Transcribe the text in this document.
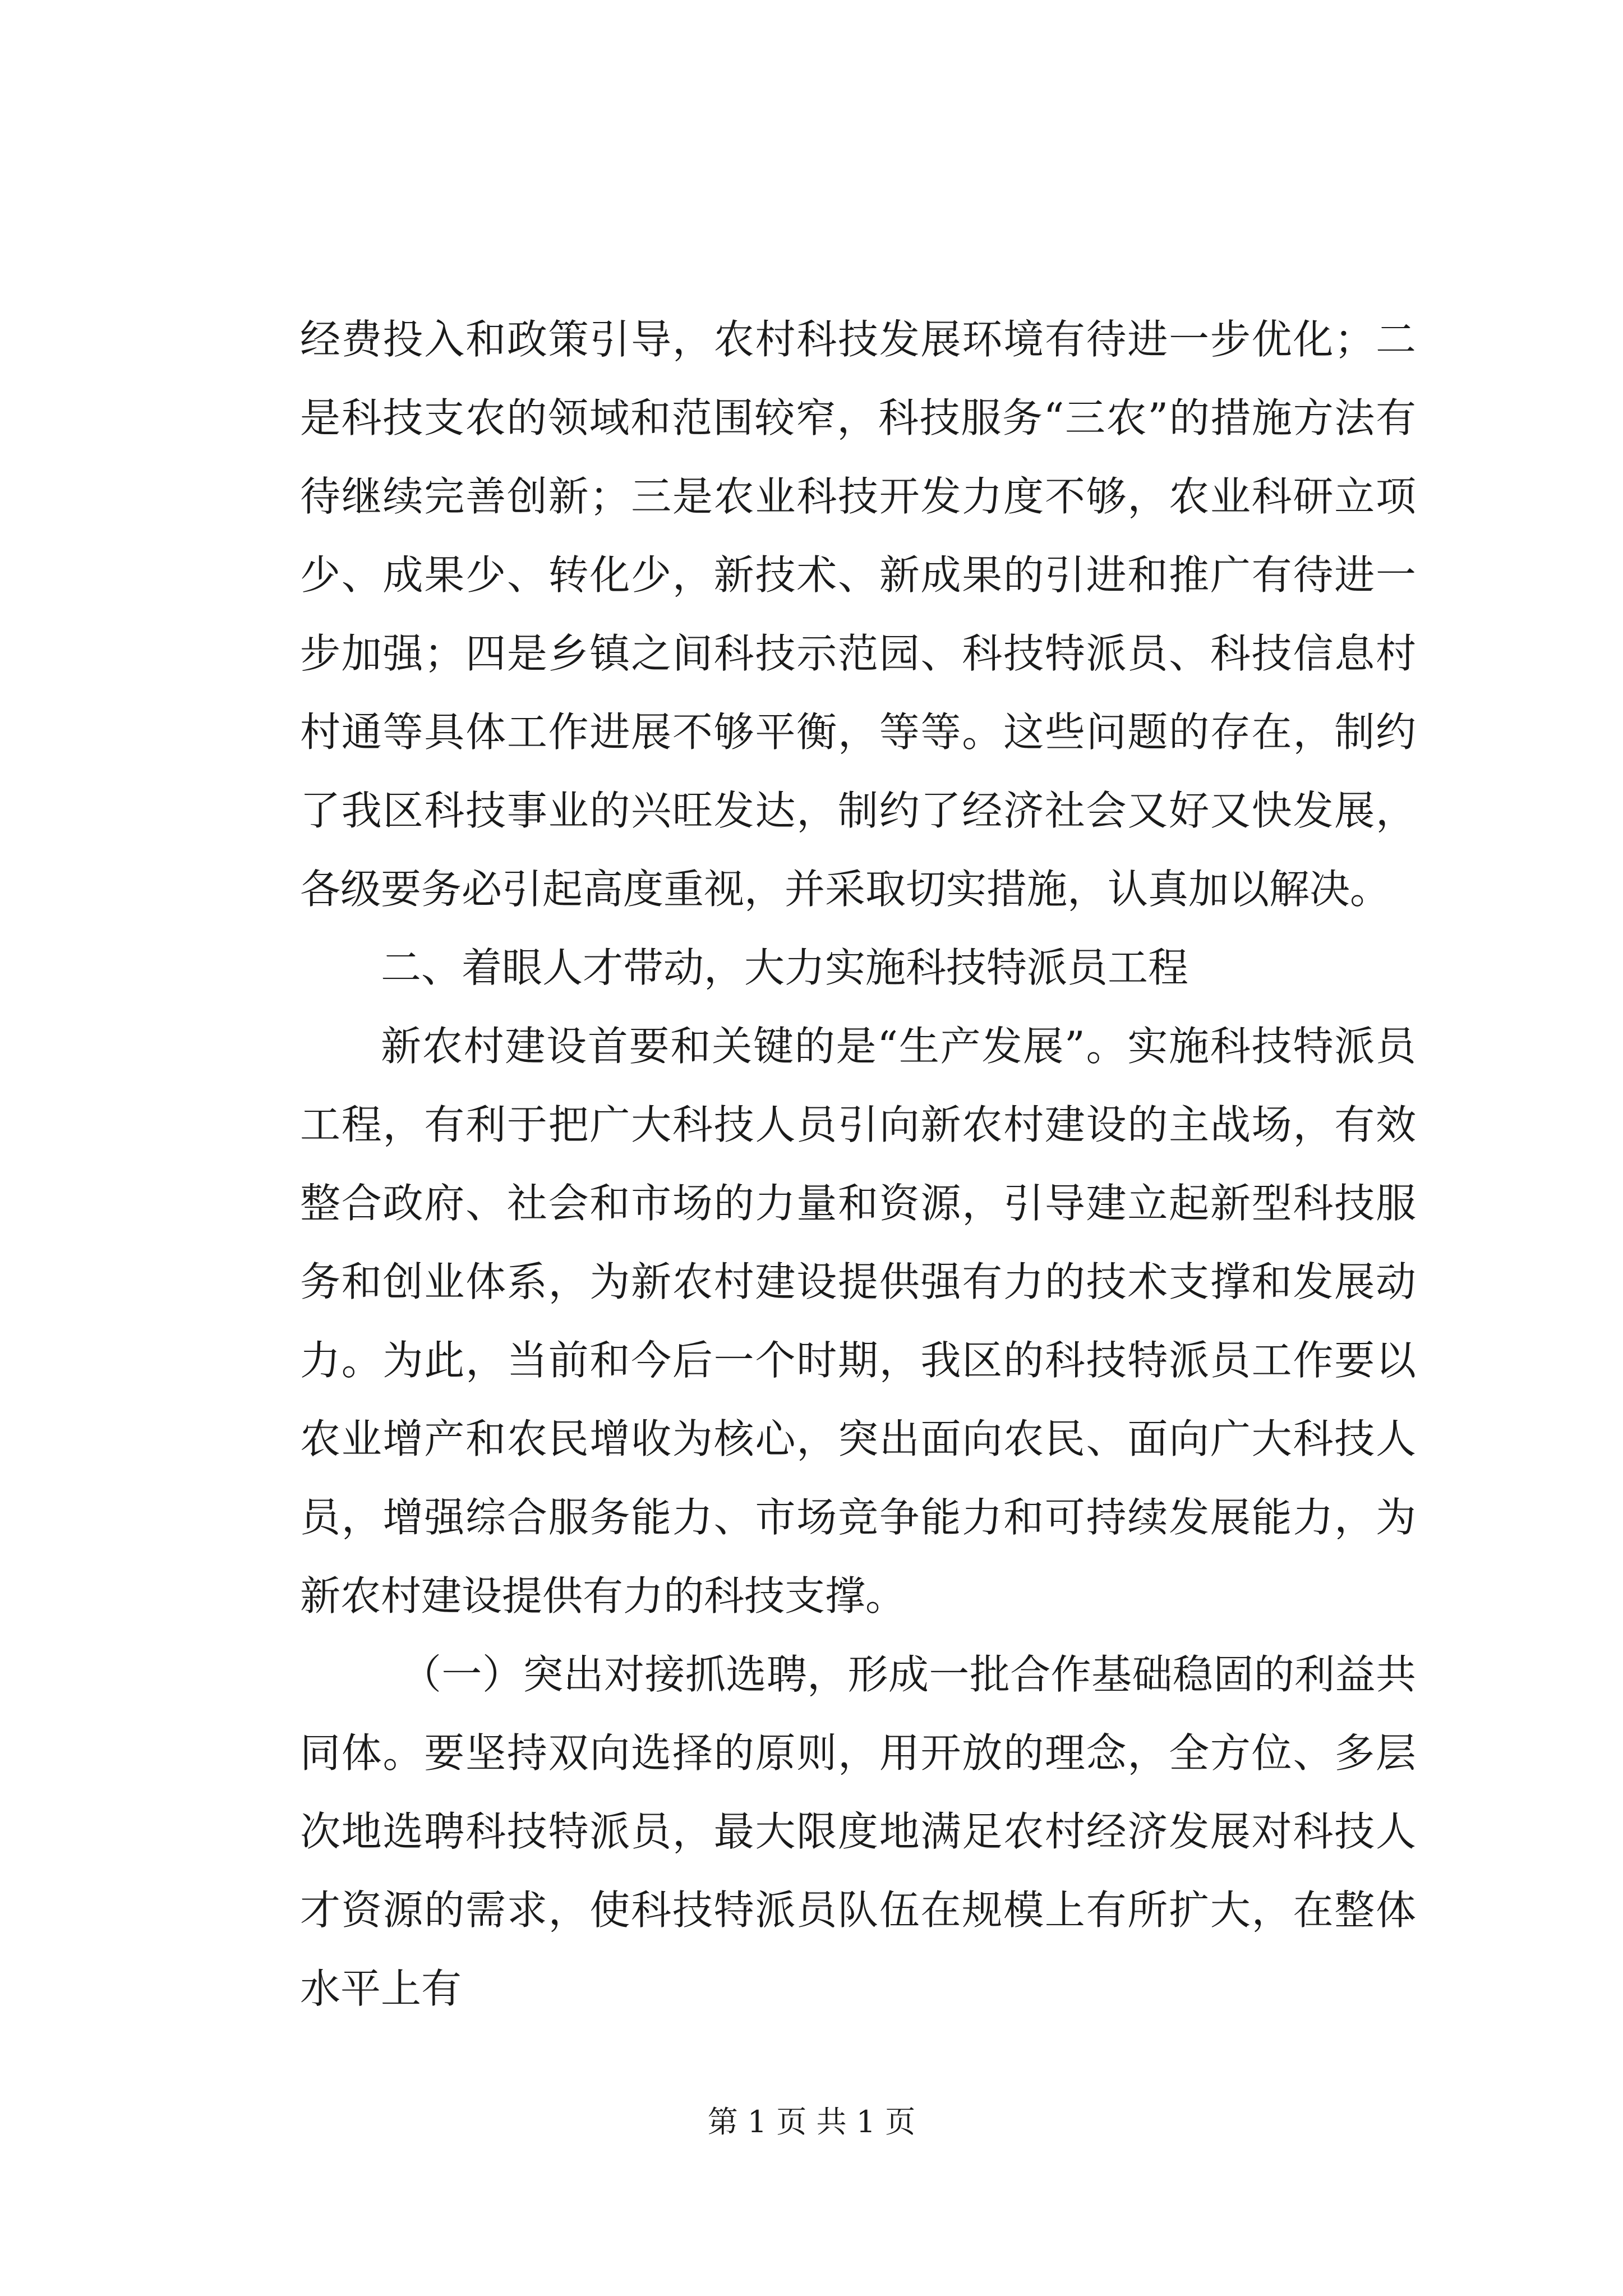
经费投入和政策引导，农村科技发展环境有待进一步优化；二是科技支农的领域和范围较窄，科技服务“三农”的措施方法有待继续完善创新；三是农业科技开发力度不够，农业科研立项少、成果少、转化少，新技术、新成果的引进和推广有待进一步加强；四是乡镇之间科技示范园、科技特派员、科技信息村村通等具体工作进展不够平衡，等等。这些问题的存在，制约了我区科技事业的兴旺发达，制约了经济社会又好又快发展，各级要务必引起高度重视，并采取切实措施，认真加以解决。

二、着眼人才带动，大力实施科技特派员工程

新农村建设首要和关键的是“生产发展”。实施科技特派员工程，有利于把广大科技人员引向新农村建设的主战场，有效整合政府、社会和市场的力量和资源，引导建立起新型科技服务和创业体系，为新农村建设提供强有力的技术支撑和发展动力。为此，当前和今后一个时期，我区的科技特派员工作要以农业增产和农民增收为核心，突出面向农民、面向广大科技人员，增强综合服务能力、市场竞争能力和可持续发展能力，为新农村建设提供有力的科技支撑。

（一）突出对接抓选聘，形成一批合作基础稳固的利益共同体。要坚持双向选择的原则，用开放的理念，全方位、多层次地选聘科技特派员，最大限度地满足农村经济发展对科技人才资源的需求，使科技特派员队伍在规模上有所扩大，在整体水平上有

第 1 页 共 1 页
